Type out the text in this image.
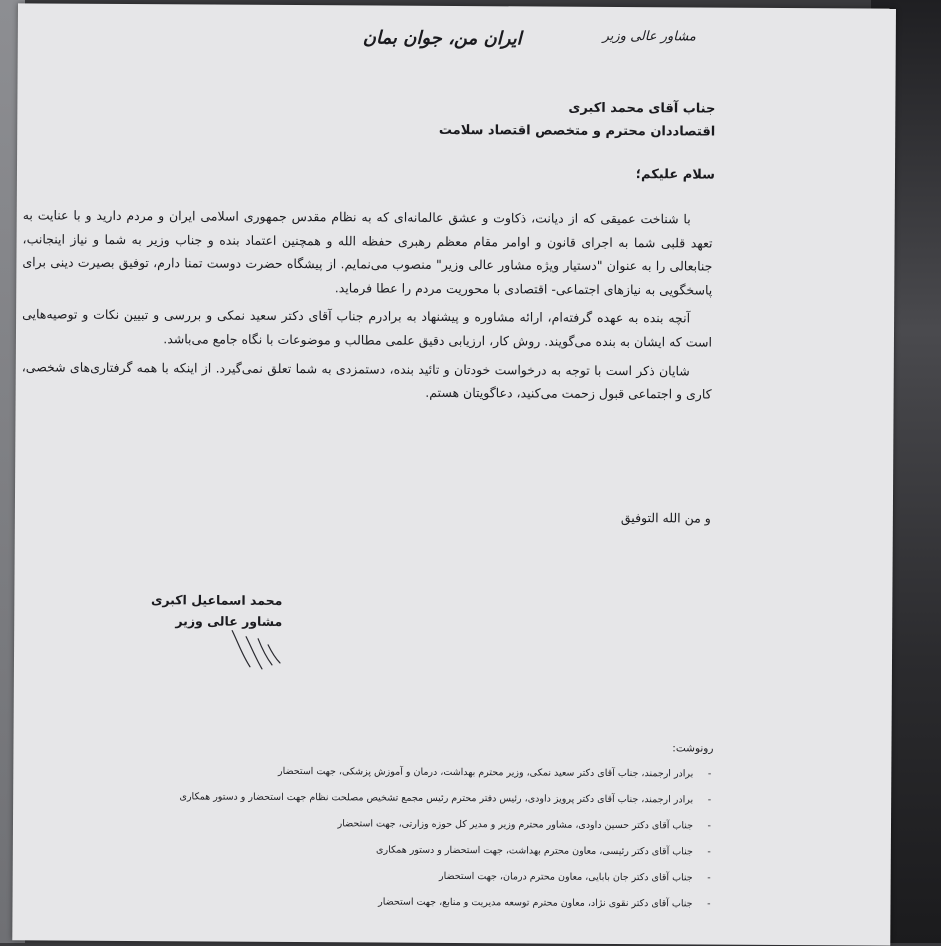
مشاور عالی وزیر
ایران من، جوان بمان
جناب آقای محمد اکبری
اقتصاددان محترم و متخصص اقتصاد سلامت
سلام علیکم؛

با شناخت عمیقی که از دیانت، ذکاوت و عشق عالمانه‌ای که به نظام مقدس جمهوری اسلامی ایران و مردم دارید و با عنایت به تعهد قلبی شما به اجرای قانون و اوامر مقام معظم رهبری حفظه الله و همچنین اعتماد بنده و جناب وزیر به شما و نیاز اینجانب، جنابعالی را به عنوان "دستیار ویژه مشاور عالی وزیر" منصوب می‌نمایم. از پیشگاه حضرت دوست تمنا دارم، توفیق بصیرت دینی برای پاسخگویی به نیازهای اجتماعی- اقتصادی با محوریت مردم را عطا فرماید.

آنچه بنده به عهده گرفته‌ام، ارائه مشاوره و پیشنهاد به برادرم جناب آقای دکتر سعید نمکی و بررسی و تبیین نکات و توصیه‌هایی است که ایشان به بنده می‌گویند. روش کار، ارزیابی دقیق علمی مطالب و موضوعات با نگاه جامع می‌باشد.

شایان ذکر است با توجه به درخواست خودتان و تائید بنده، دستمزدی به شما تعلق نمی‌گیرد. از اینکه با همه گرفتاری‌های شخصی، کاری و اجتماعی قبول زحمت می‌کنید، دعاگویتان هستم.

و من الله التوفیق
محمد اسماعیل اکبری
مشاور عالی وزیر
رونوشت:
- برادر ارجمند، جناب آقای دکتر سعید نمکی، وزیر محترم بهداشت، درمان و آموزش پزشکی، جهت استحضار
- برادر ارجمند، جناب آقای دکتر پرویز داودی، رئیس دفتر محترم رئیس مجمع تشخیص مصلحت نظام جهت استحضار و دستور همکاری
- جناب آقای دکتر حسین داودی، مشاور محترم وزیر و مدیر کل حوزه وزارتی، جهت استحضار
- جناب آقای دکتر رئیسی، معاون محترم بهداشت، جهت استحضار و دستور همکاری
- جناب آقای دکتر جان بابایی، معاون محترم درمان، جهت استحضار
- جناب آقای دکتر نقوی نژاد، معاون محترم توسعه مدیریت و منابع، جهت استحضار
